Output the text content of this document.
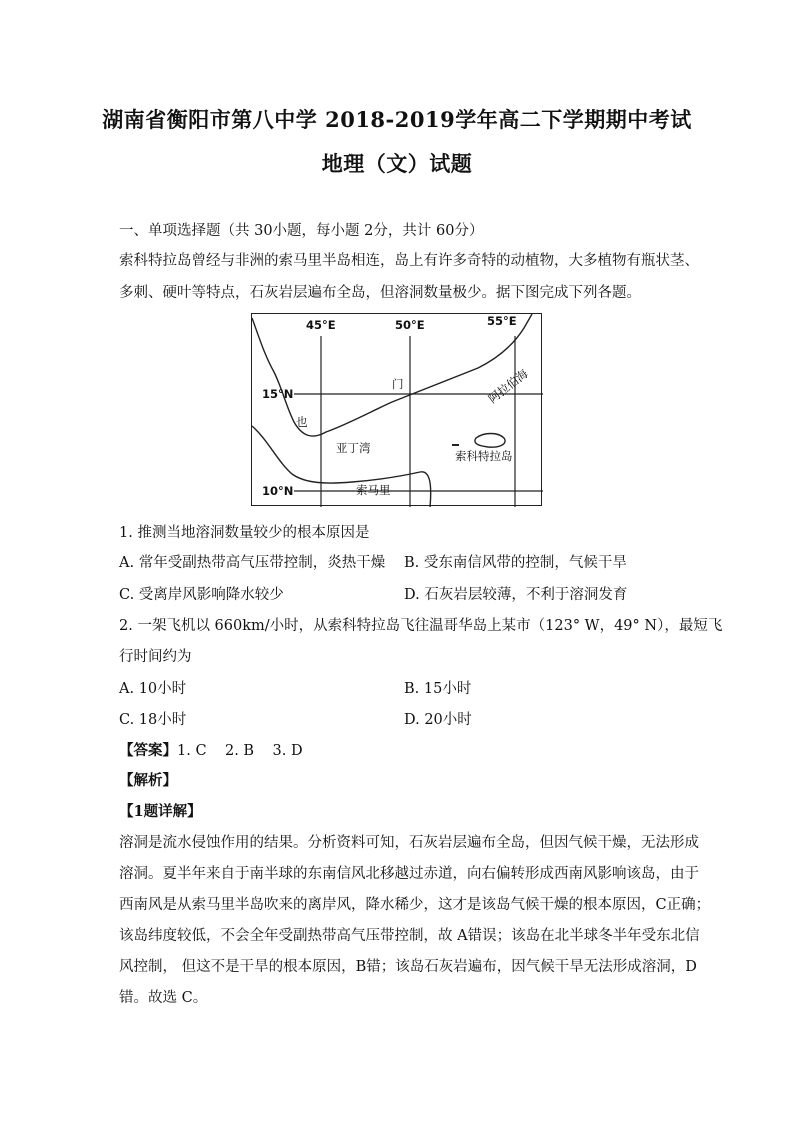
湖南省衡阳市第八中学 2018-2019学年高二下学期期中考试
地理（文）试题
一、单项选择题（共 30小题，每小题 2分，共计 60分）
索科特拉岛曾经与非洲的索马里半岛相连，岛上有许多奇特的动植物，大多植物有瓶状茎、
多刺、硬叶等特点，石灰岩层遍布全岛，但溶洞数量极少。据下图完成下列各题。
45°E	50°E	55°E
15°N
10°N
门
也
阿拉伯海
亚丁湾
索科特拉岛
索马里
1. 推测当地溶洞数量较少的根本原因是
A. 常年受副热带高气压带控制，炎热干燥 B. 受东南信风带的控制，气候干旱
C. 受离岸风影响降水较少	D. 石灰岩层较薄，不利于溶洞发育
2. 一架飞机以 660km/小时，从索科特拉岛飞往温哥华岛上某市（123° W，49° N），最短飞
行时间约为
A. 10小时	B. 15小时
C. 18小时	D. 20小时
【答案】1. C    2. B    3. D
【解析】
【1题详解】
溶洞是流水侵蚀作用的结果。分析资料可知，石灰岩层遍布全岛，但因气候干燥，无法形成
溶洞。夏半年来自于南半球的东南信风北移越过赤道，向右偏转形成西南风影响该岛，由于
西南风是从索马里半岛吹来的离岸风，降水稀少，这才是该岛气候干燥的根本原因，C正确；
该岛纬度较低，不会全年受副热带高气压带控制，故 A错误；该岛在北半球冬半年受东北信
风控制， 但这不是干旱的根本原因，B错；该岛石灰岩遍布，因气候干旱无法形成溶洞，D
错。故选 C。
